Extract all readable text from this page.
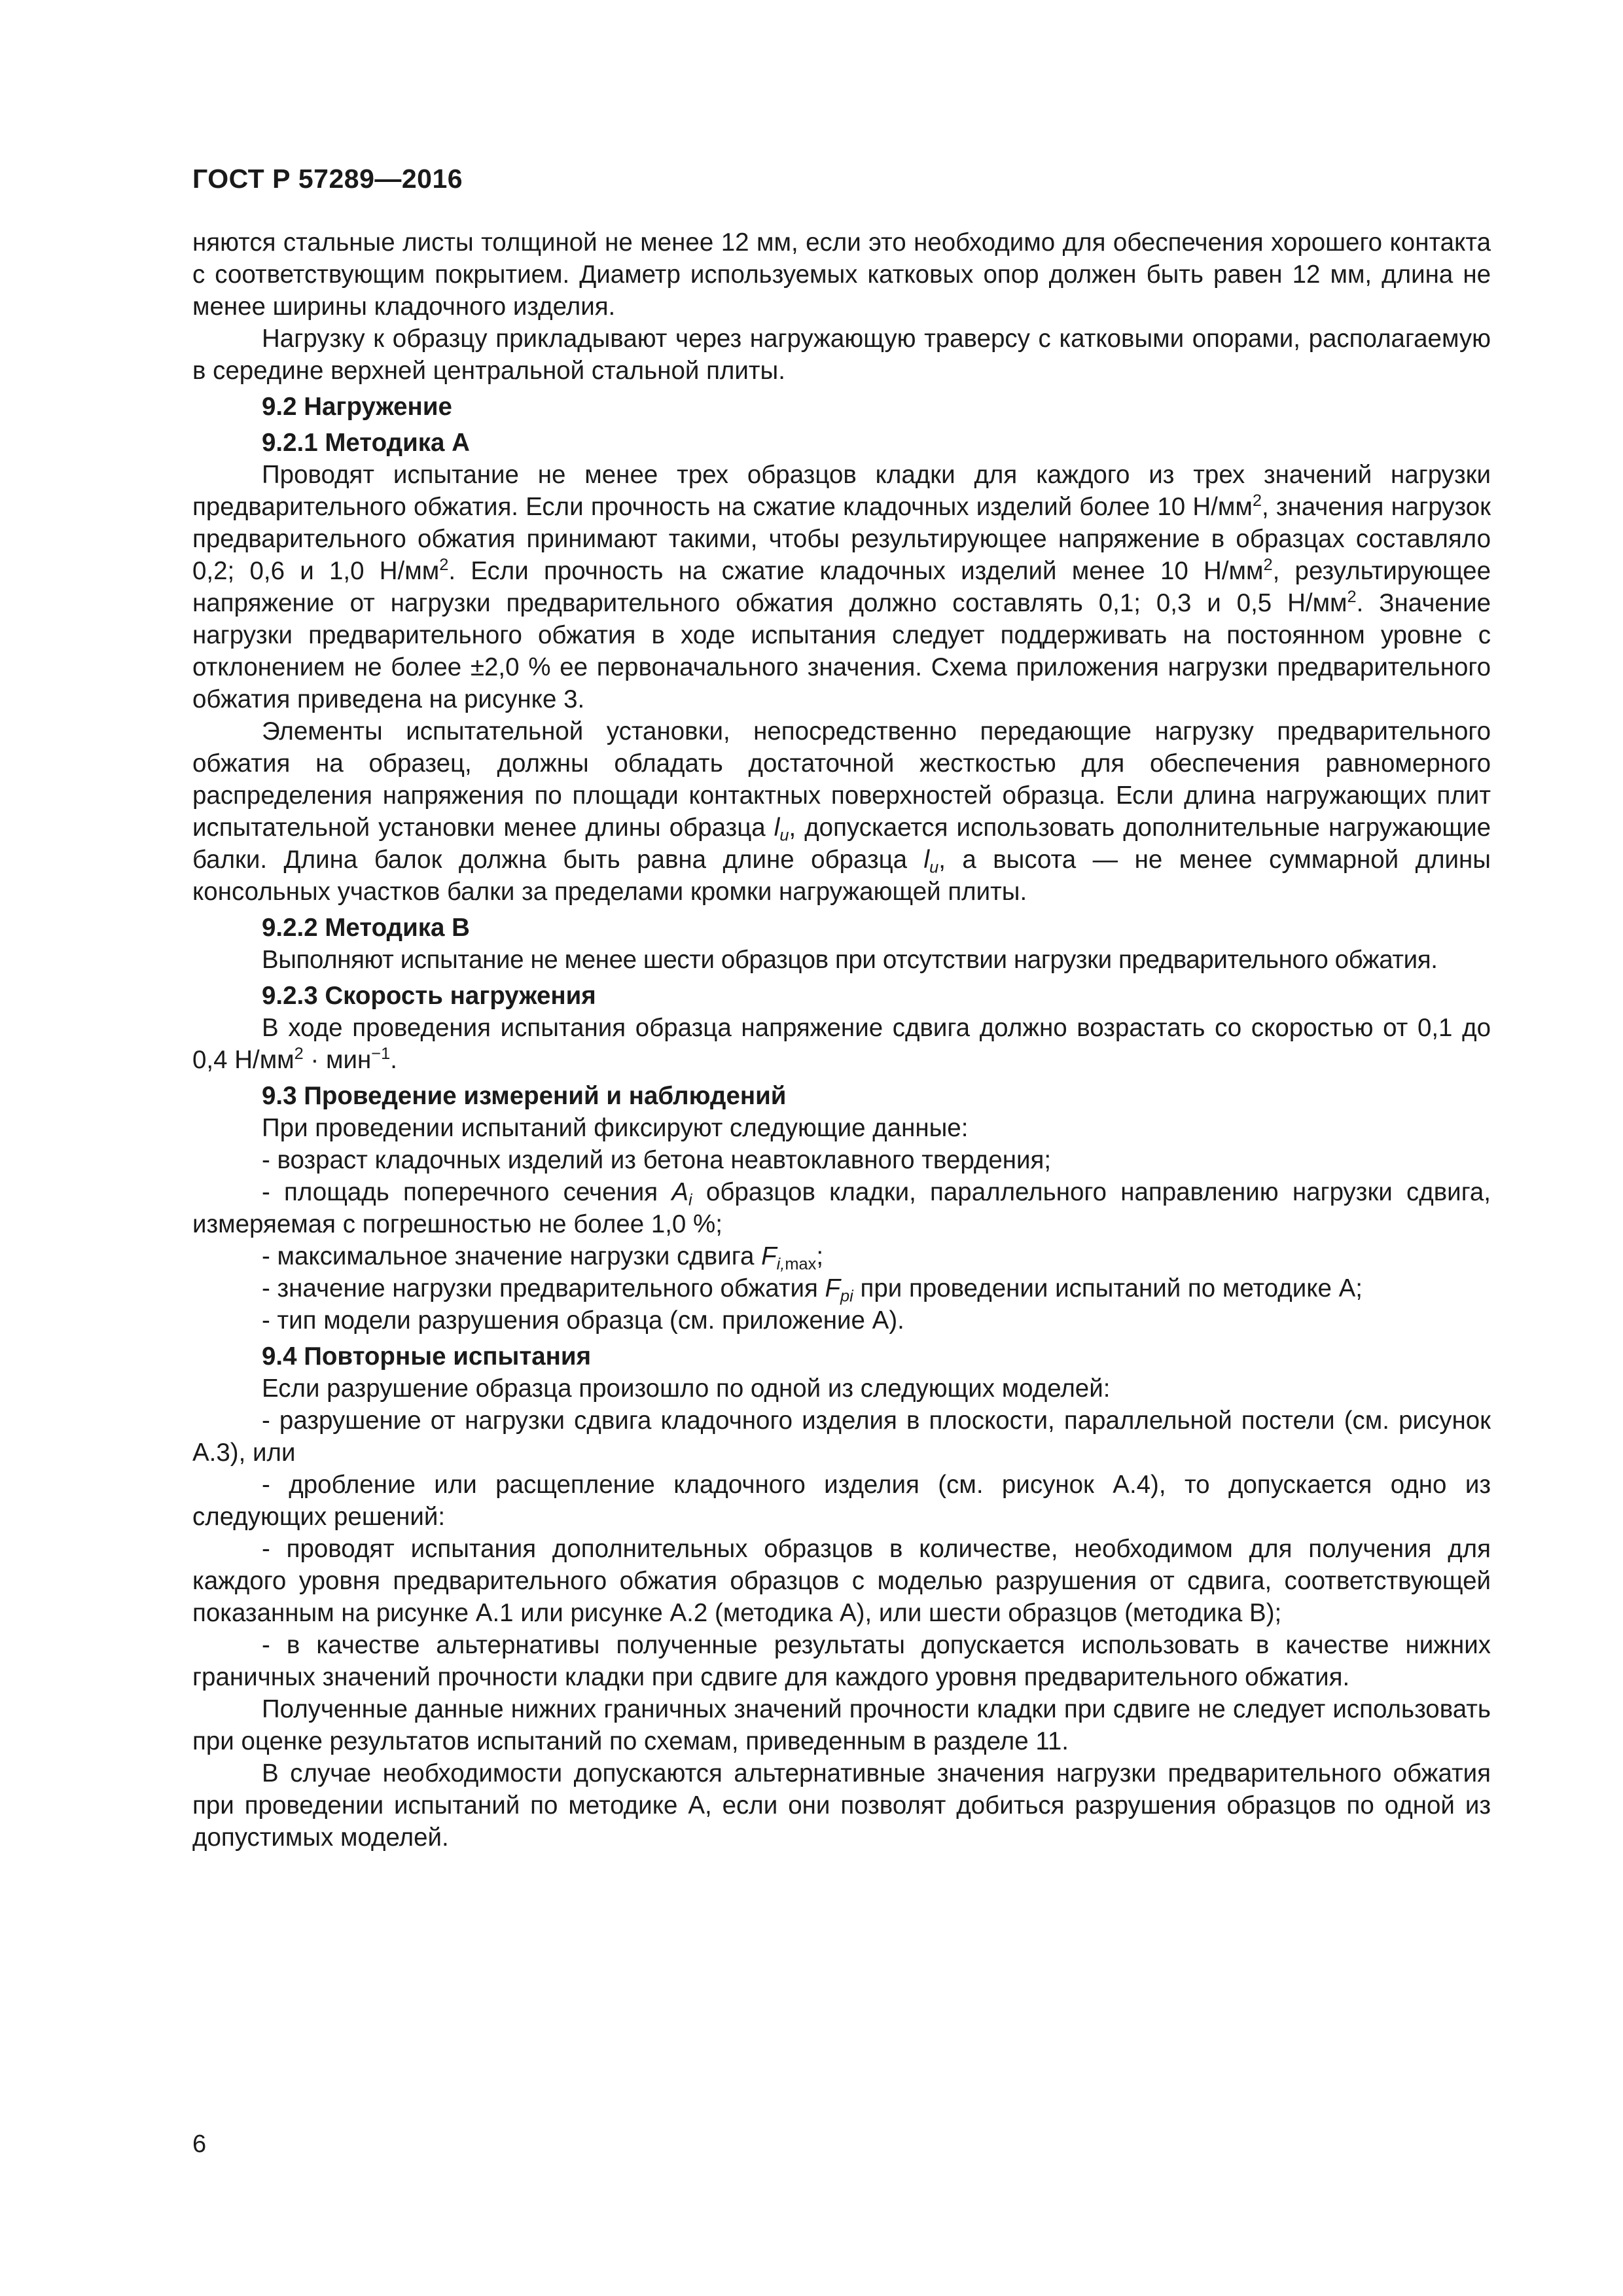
ГОСТ Р 57289—2016

няются стальные листы толщиной не менее 12 мм, если это необходимо для обеспечения хорошего контакта с соответствующим покрытием. Диаметр используемых катковых опор должен быть равен 12 мм, длина не менее ширины кладочного изделия.

Нагрузку к образцу прикладывают через нагружающую траверсу с катковыми опорами, располагаемую в середине верхней центральной стальной плиты.

9.2 Нагружение
9.2.1 Методика А

Проводят испытание не менее трех образцов кладки для каждого из трех значений нагрузки предварительного обжатия. Если прочность на сжатие кладочных изделий более 10 $Н/мм^2$, значения нагрузок предварительного обжатия принимают такими, чтобы результирующее напряжение в образцах составляло 0,2; 0,6 и 1,0 $Н/мм^2$. Если прочность на сжатие кладочных изделий менее 10 $Н/мм^2$, результирующее напряжение от нагрузки предварительного обжатия должно составлять 0,1; 0,3 и 0,5 $Н/мм^2$. Значение нагрузки предварительного обжатия в ходе испытания следует поддерживать на постоянном уровне с отклонением не более ±2,0 % ее первоначального значения. Схема приложения нагрузки предварительного обжатия приведена на рисунке 3.

Элементы испытательной установки, непосредственно передающие нагрузку предварительного обжатия на образец, должны обладать достаточной жесткостью для обеспечения равномерного распределения напряжения по площади контактных поверхностей образца. Если длина нагружающих плит испытательной установки менее длины образца $l_u$, допускается использовать дополнительные нагружающие балки. Длина балок должна быть равна длине образца $l_u$, а высота — не менее суммарной длины консольных участков балки за пределами кромки нагружающей плиты.

9.2.2 Методика В

Выполняют испытание не менее шести образцов при отсутствии нагрузки предварительного обжатия.

9.2.3 Скорость нагружения

В ходе проведения испытания образца напряжение сдвига должно возрастать со скоростью от 0,1 до 0,4 $Н/мм^2 \cdot мин^{-1}$.

9.3 Проведение измерений и наблюдений

При проведении испытаний фиксируют следующие данные:

- возраст кладочных изделий из бетона неавтоклавного твердения;

- площадь поперечного сечения $A_i$ образцов кладки, параллельного направлению нагрузки сдвига, измеряемая с погрешностью не более 1,0 %;

- максимальное значение нагрузки сдвига $F_{i,max}$;

- значение нагрузки предварительного обжатия $F_{pi}$ при проведении испытаний по методике А;

- тип модели разрушения образца (см. приложение А).

9.4 Повторные испытания

Если разрушение образца произошло по одной из следующих моделей:

- разрушение от нагрузки сдвига кладочного изделия в плоскости, параллельной постели (см. рисунок А.3), или

- дробление или расщепление кладочного изделия (см. рисунок А.4), то допускается одно из следующих решений:

- проводят испытания дополнительных образцов в количестве, необходимом для получения для каждого уровня предварительного обжатия образцов с моделью разрушения от сдвига, соответствующей показанным на рисунке А.1 или рисунке А.2 (методика А), или шести образцов (методика В);

- в качестве альтернативы полученные результаты допускается использовать в качестве нижних граничных значений прочности кладки при сдвиге для каждого уровня предварительного обжатия.

Полученные данные нижних граничных значений прочности кладки при сдвиге не следует использовать при оценке результатов испытаний по схемам, приведенным в разделе 11.

В случае необходимости допускаются альтернативные значения нагрузки предварительного обжатия при проведении испытаний по методике А, если они позволят добиться разрушения образцов по одной из допустимых моделей.

6
